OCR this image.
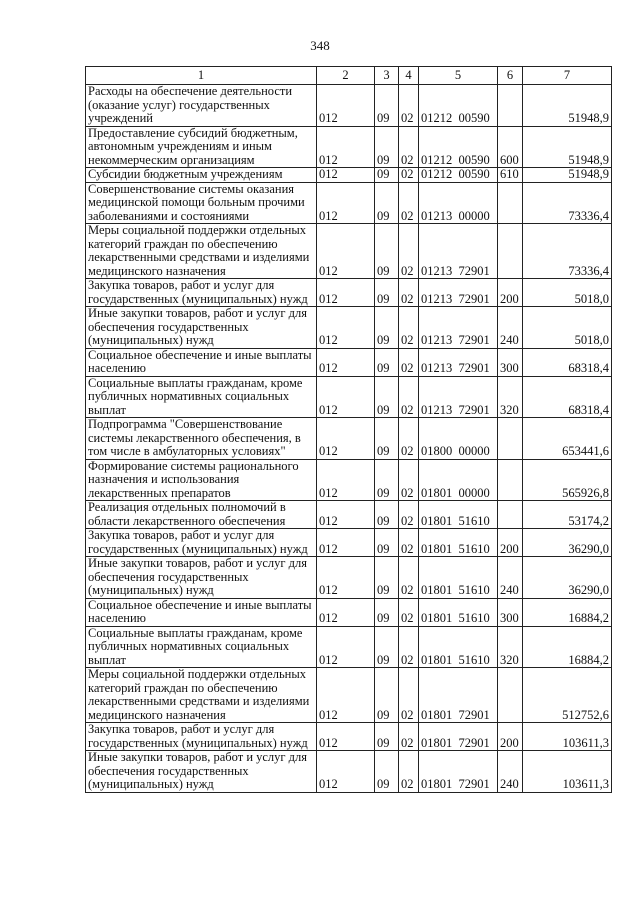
348
1	2	3	4	5	6	7
Расходы на обеспечение деятельности (оказание услуг) государственных учреждений	012	09	02	01212  00590		51948,9
Предоставление субсидий бюджетным, автономным учреждениям и иным некоммерческим организациям	012	09	02	01212  00590	600	51948,9
Субсидии бюджетным учреждениям	012	09	02	01212  00590	610	51948,9
Совершенствование системы оказания медицинской помощи больным прочими заболеваниями и состояниями	012	09	02	01213  00000		73336,4
Меры социальной поддержки отдельных категорий граждан по обеспечению лекарственными средствами и изделиями медицинского назначения	012	09	02	01213  72901		73336,4
Закупка товаров, работ и услуг для государственных (муниципальных) нужд	012	09	02	01213  72901	200	5018,0
Иные закупки товаров, работ и услуг для обеспечения государственных (муниципальных) нужд	012	09	02	01213  72901	240	5018,0
Социальное обеспечение и иные выплаты населению	012	09	02	01213  72901	300	68318,4
Социальные выплаты гражданам, кроме публичных нормативных социальных выплат	012	09	02	01213  72901	320	68318,4
Подпрограмма "Совершенствование системы лекарственного обеспечения, в том числе в амбулаторных условиях"	012	09	02	01800  00000		653441,6
Формирование системы рационального назначения и использования лекарственных препаратов	012	09	02	01801  00000		565926,8
Реализация отдельных полномочий в области лекарственного обеспечения	012	09	02	01801  51610		53174,2
Закупка товаров, работ и услуг для государственных (муниципальных) нужд	012	09	02	01801  51610	200	36290,0
Иные закупки товаров, работ и услуг для обеспечения государственных (муниципальных) нужд	012	09	02	01801  51610	240	36290,0
Социальное обеспечение и иные выплаты населению	012	09	02	01801  51610	300	16884,2
Социальные выплаты гражданам, кроме публичных нормативных социальных выплат	012	09	02	01801  51610	320	16884,2
Меры социальной поддержки отдельных категорий граждан по обеспечению лекарственными средствами и изделиями медицинского назначения	012	09	02	01801  72901		512752,6
Закупка товаров, работ и услуг для государственных (муниципальных) нужд	012	09	02	01801  72901	200	103611,3
Иные закупки товаров, работ и услуг для обеспечения государственных (муниципальных) нужд	012	09	02	01801  72901	240	103611,3
